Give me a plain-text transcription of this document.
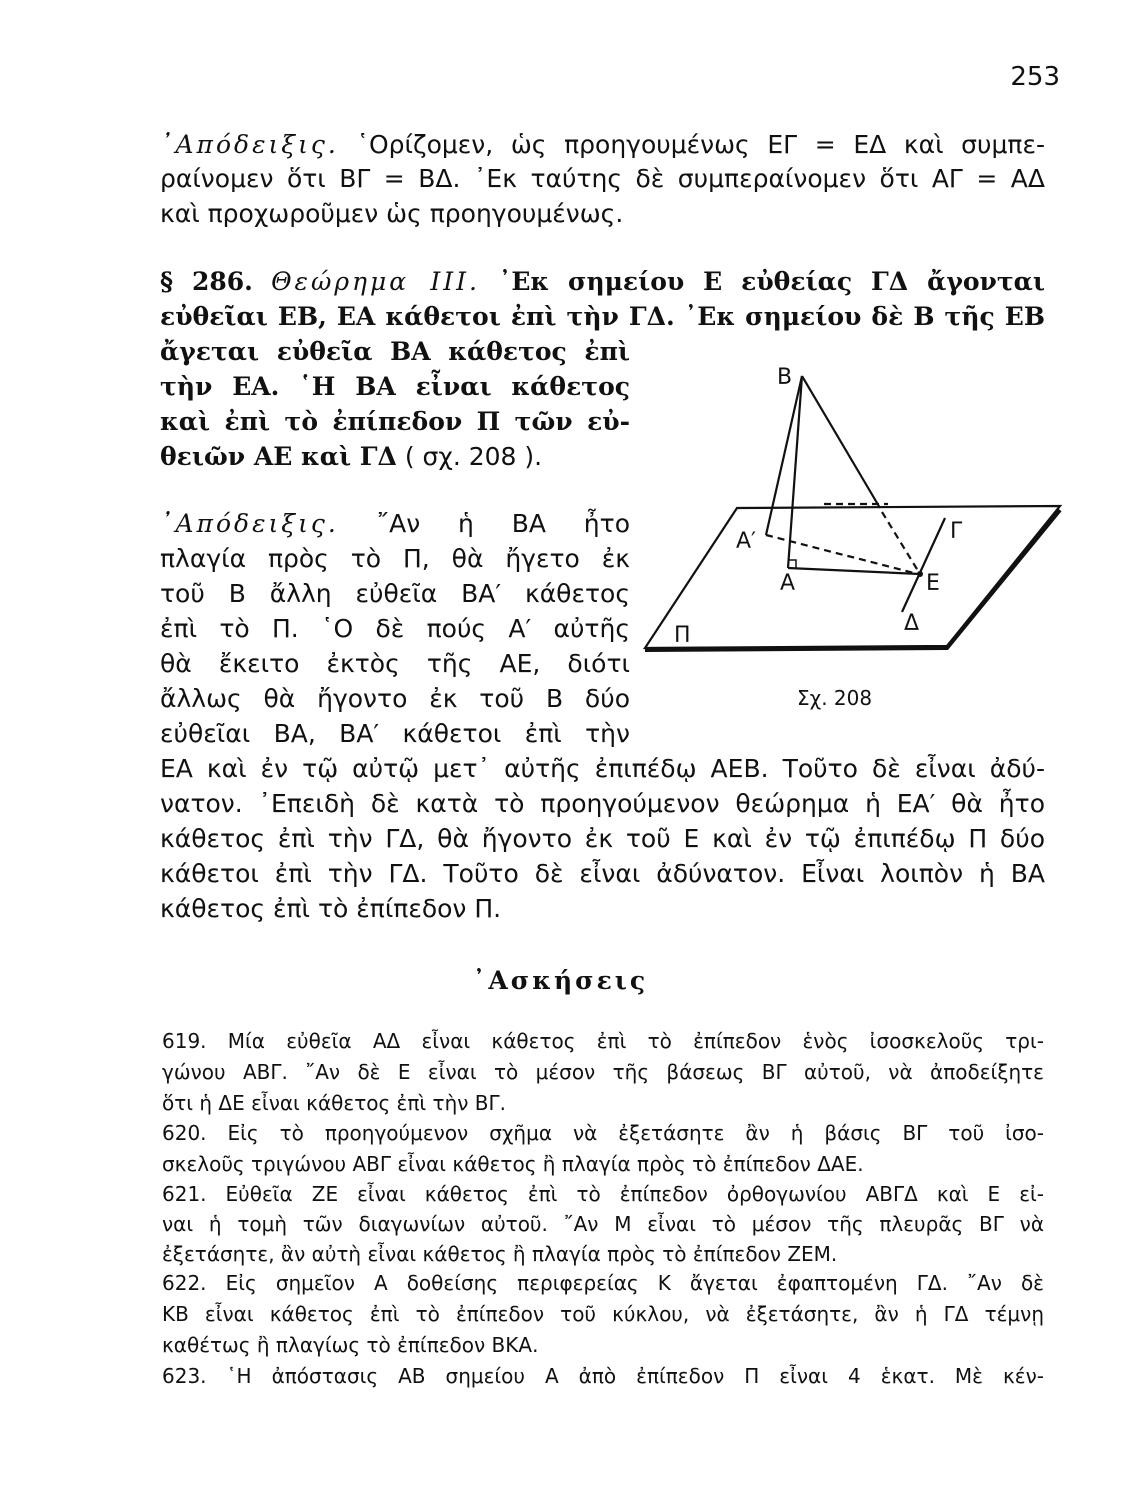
253
᾽Απόδειξις. ῾Ορίζομεν, ὡς προηγουμένως ΕΓ = ΕΔ καὶ συμπε-
ραίνομεν ὅτι ΒΓ = ΒΔ. ᾽Εκ ταύτης δὲ συμπεραίνομεν ὅτι ΑΓ = ΑΔ
καὶ προχωροῦμεν ὡς προηγουμένως.
§ 286. Θεώρημα ΙΙΙ. ᾽Εκ σημείου Ε εὐθείας ΓΔ ἄγονται
εὐθεῖαι ΕΒ, ΕΑ κάθετοι ἐπὶ τὴν ΓΔ. ᾽Εκ σημείου δὲ Β τῆς ΕΒ
ἄγεται εὐθεῖα ΒΑ κάθετος ἐπὶ
τὴν ΕΑ. ῾Η ΒΑ εἶναι κάθετος
καὶ ἐπὶ τὸ ἐπίπεδον Π τῶν εὐ-
θειῶν ΑΕ καὶ ΓΔ ( σχ. 208 ).
᾽Απόδειξις. ῎Αν ἡ ΒΑ ἦτο
πλαγία πρὸς τὸ Π, θὰ ἤγετο ἐκ
τοῦ Β ἄλλη εὐθεῖα ΒΑ′ κάθετος
ἐπὶ τὸ Π. ῾Ο δὲ πούς Α′ αὐτῆς
θὰ ἔκειτο ἐκτὸς τῆς ΑΕ, διότι
ἄλλως θὰ ἤγοντο ἐκ τοῦ Β δύο
εὐθεῖαι ΒΑ, ΒΑ′ κάθετοι ἐπὶ τὴν
ΕΑ καὶ ἐν τῷ αὐτῷ μετ᾽ αὐτῆς ἐπιπέδῳ ΑΕΒ. Τοῦτο δὲ εἶναι ἀδύ-
νατον. ᾽Επειδὴ δὲ κατὰ τὸ προηγούμενον θεώρημα ἡ ΕΑ′ θὰ ἦτο
κάθετος ἐπὶ τὴν ΓΔ, θὰ ἤγοντο ἐκ τοῦ Ε καὶ ἐν τῷ ἐπιπέδῳ Π δύο
κάθετοι ἐπὶ τὴν ΓΔ. Τοῦτο δὲ εἶναι ἀδύνατον. Εἶναι λοιπὸν ἡ ΒΑ
κάθετος ἐπὶ τὸ ἐπίπεδον Π.
Β
Α′
Α	Ε
Γ
Δ
Π
Σχ. 208
᾽Ασκήσεις
619. Μία εὐθεῖα ΑΔ εἶναι κάθετος ἐπὶ τὸ ἐπίπεδον ἑνὸς ἰσοσκελοῦς τρι-
γώνου ΑΒΓ. ῎Αν δὲ Ε εἶναι τὸ μέσον τῆς βάσεως ΒΓ αὐτοῦ, νὰ ἀποδείξητε
ὅτι ἡ ΔΕ εἶναι κάθετος ἐπὶ τὴν ΒΓ.
620. Εἰς τὸ προηγούμενον σχῆμα νὰ ἐξετάσητε ἂν ἡ βάσις ΒΓ τοῦ ἰσο-
σκελοῦς τριγώνου ΑΒΓ εἶναι κάθετος ἢ πλαγία πρὸς τὸ ἐπίπεδον ΔΑΕ.
621. Εὐθεῖα ΖΕ εἶναι κάθετος ἐπὶ τὸ ἐπίπεδον ὀρθογωνίου ΑΒΓΔ καὶ Ε εἰ-
ναι ἡ τομὴ τῶν διαγωνίων αὐτοῦ. ῎Αν Μ εἶναι τὸ μέσον τῆς πλευρᾶς ΒΓ νὰ
ἐξετάσητε, ἂν αὐτὴ εἶναι κάθετος ἢ πλαγία πρὸς τὸ ἐπίπεδον ΖΕΜ.
622. Εἰς σημεῖον Α δοθείσης περιφερείας Κ ἄγεται ἐφαπτομένη ΓΔ. ῎Αν δὲ
ΚΒ εἶναι κάθετος ἐπὶ τὸ ἐπίπεδον τοῦ κύκλου, νὰ ἐξετάσητε, ἂν ἡ ΓΔ τέμνῃ
καθέτως ἢ πλαγίως τὸ ἐπίπεδον ΒΚΑ.
623. ῾Η ἀπόστασις ΑΒ σημείου Α ἀπὸ ἐπίπεδον Π εἶναι 4 ἑκατ. Μὲ κέν-
